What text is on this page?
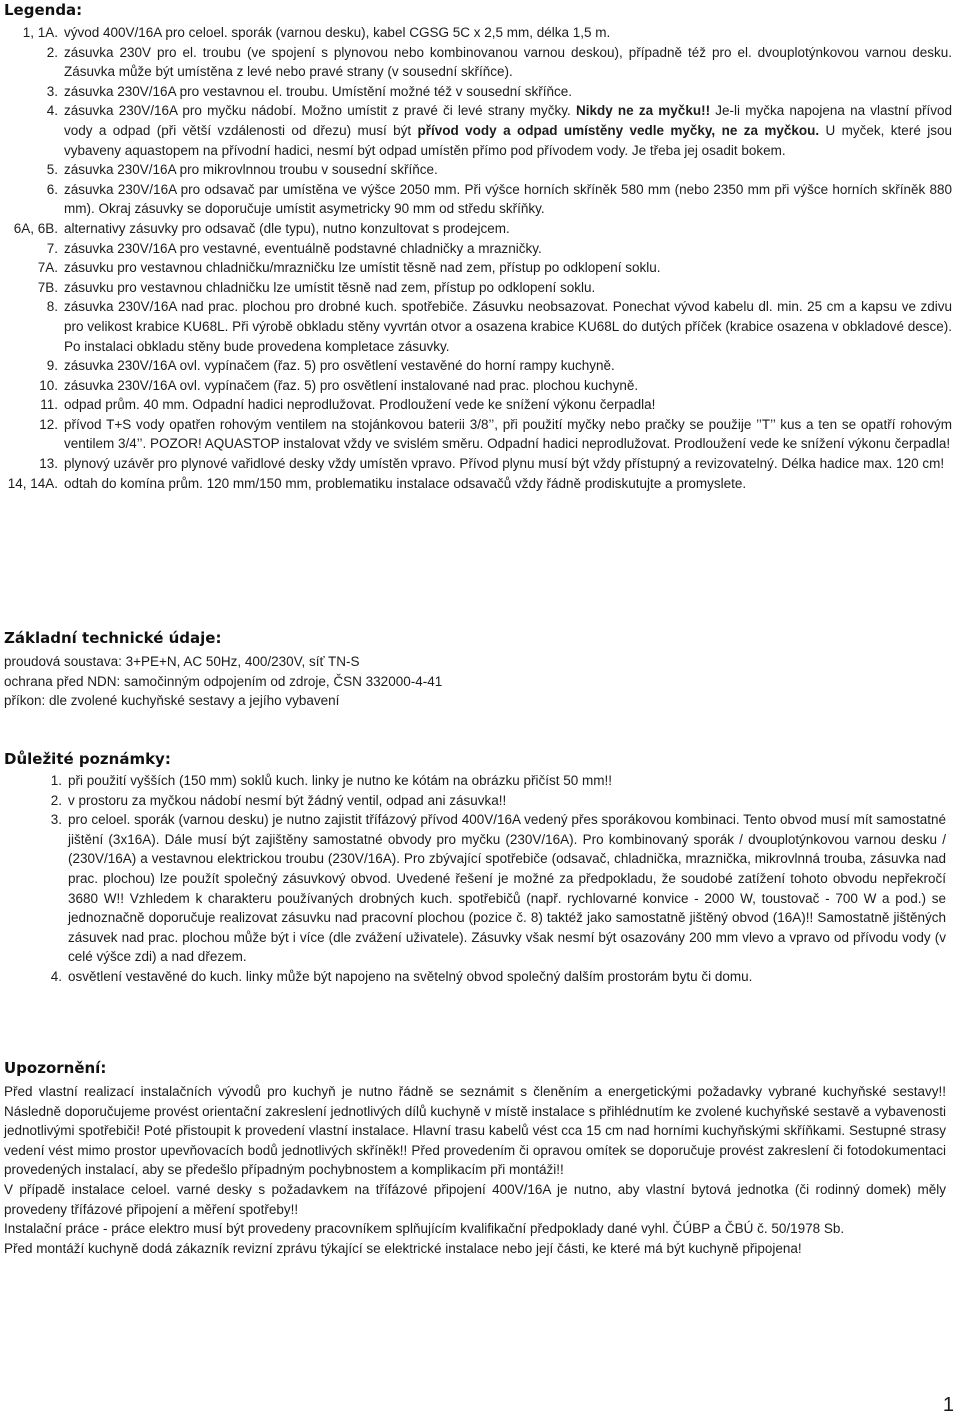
Legenda:
1, 1A. vývod 400V/16A pro celoel. sporák (varnou desku), kabel CGSG 5C x 2,5 mm, délka 1,5 m.
2. zásuvka 230V pro el. troubu (ve spojení s plynovou nebo kombinovanou varnou deskou), případně též pro el. dvouplotýnkovou varnou desku. Zásuvka může být umístěna z levé nebo pravé strany (v sousední skříňce).
3. zásuvka 230V/16A pro vestavnou el. troubu. Umístění možné též v sousední skříňce.
4. zásuvka 230V/16A pro myčku nádobí. Možno umístit z pravé či levé strany myčky. Nikdy ne za myčku!! Je-li myčka napojena na vlastní přívod vody a odpad (při větší vzdálenosti od dřezu) musí být přívod vody a odpad umístěny vedle myčky, ne za myčkou. U myček, které jsou vybaveny aquastopem na přívodní hadici, nesmí být odpad umístěn přímo pod přívodem vody. Je třeba jej osadit bokem.
5. zásuvka 230V/16A pro mikrovlnnou troubu v sousední skříňce.
6. zásuvka 230V/16A pro odsavač par umístěna ve výšce 2050 mm. Při výšce horních skříněk 580 mm (nebo 2350 mm při výšce horních skříněk 880 mm). Okraj zásuvky se doporučuje umístit asymetricky 90 mm od středu skříňky.
6A, 6B. alternativy zásuvky pro odsavač (dle typu), nutno konzultovat s prodejcem.
7. zásuvka 230V/16A pro vestavné, eventuálně podstavné chladničky a mrazničky.
7A. zásuvku pro vestavnou chladničku/mrazničku lze umístit těsně nad zem, přístup po odklopení soklu.
7B. zásuvku pro vestavnou chladničku lze umístit těsně nad zem, přístup po odklopení soklu.
8. zásuvka 230V/16A nad prac. plochou pro drobné kuch. spotřebiče. Zásuvku neobsazovat. Ponechat vývod kabelu dl. min. 25 cm a kapsu ve zdivu pro velikost krabice KU68L. Při výrobě obkladu stěny vyvrtán otvor a osazena krabice KU68L do dutých příček (krabice osazena v obkladové desce). Po instalaci obkladu stěny bude provedena kompletace zásuvky.
9. zásuvka 230V/16A ovl. vypínačem (řaz. 5) pro osvětlení vestavěné do horní rampy kuchyně.
10. zásuvka 230V/16A ovl. vypínačem (řaz. 5) pro osvětlení instalované nad prac. plochou kuchyně.
11. odpad prům. 40 mm. Odpadní hadici neprodlužovat. Prodloužení vede ke snížení výkonu čerpadla!
12. přívod T+S vody opatřen rohovým ventilem na stojánkovou baterii 3/8’’, při použití myčky nebo pračky se použije ’’T’’ kus a ten se opatří rohovým ventilem 3/4’’. POZOR! AQUASTOP instalovat vždy ve svislém směru. Odpadní hadici neprodlužovat. Prodloužení vede ke snížení výkonu čerpadla!
13. plynový uzávěr pro plynové vařidlové desky vždy umístěn vpravo. Přívod plynu musí být vždy přístupný a revizovatelný. Délka hadice max. 120 cm!
14, 14A. odtah do komína prům. 120 mm/150 mm, problematiku instalace odsavačů vždy řádně prodiskutujte a promyslete.
Základní technické údaje:

proudová soustava: 3+PE+N, AC 50Hz, 400/230V, síť TN-S

ochrana před NDN: samočinným odpojením od zdroje, ČSN 332000-4-41

příkon: dle zvolené kuchyňské sestavy a jejího vybavení

Důležité poznámky:
1. při použití vyšších (150 mm) soklů kuch. linky je nutno ke kótám na obrázku přičíst 50 mm!!
2. v prostoru za myčkou nádobí nesmí být žádný ventil, odpad ani zásuvka!!
3. pro celoel. sporák (varnou desku) je nutno zajistit třífázový přívod 400V/16A vedený přes sporákovou kombinaci. Tento obvod musí mít samostatné jištění (3x16A). Dále musí být zajištěny samostatné obvody pro myčku (230V/16A). Pro kombinovaný sporák / dvouplotýnkovou varnou desku / (230V/16A) a vestavnou elektrickou troubu (230V/16A). Pro zbývající spotřebiče (odsavač, chladnička, mraznička, mikrovlnná trouba, zásuvka nad prac. plochou) lze použít společný zásuvkový obvod. Uvedené řešení je možné za předpokladu, že soudobé zatížení tohoto obvodu nepřekročí 3680 W!! Vzhledem k charakteru používaných drobných kuch. spotřebičů (např. rychlovarné konvice - 2000 W, toustovač - 700 W a pod.) se jednoznačně doporučuje realizovat zásuvku nad pracovní plochou (pozice č. 8) taktéž jako samostatně jištěný obvod (16A)!! Samostatně jištěných zásuvek nad prac. plochou může být i více (dle zvážení uživatele). Zásuvky však nesmí být osazovány 200 mm vlevo a vpravo od přívodu vody (v celé výšce zdi) a nad dřezem.
4. osvětlení vestavěné do kuch. linky může být napojeno na světelný obvod společný dalším prostorám bytu či domu.
Upozornění:

Před vlastní realizací instalačních vývodů pro kuchyň je nutno řádně se seznámit s členěním a energetickými požadavky vybrané kuchyňské sestavy!! Následně doporučujeme provést orientační zakreslení jednotlivých dílů kuchyně v místě instalace s přihlédnutím ke zvolené kuchyňské sestavě a vybavenosti jednotlivými spotřebiči! Poté přistoupit k provedení vlastní instalace. Hlavní trasu kabelů vést cca 15 cm nad horními kuchyňskými skříňkami. Sestupné strasy vedení vést mimo prostor upevňovacích bodů jednotlivých skříněk!! Před provedením či opravou omítek se doporučuje provést zakreslení či fotodokumentaci provedených instalací, aby se předešlo případným pochybnostem a komplikacím při montáži!!

V případě instalace celoel. varné desky s požadavkem na třífázové připojení 400V/16A je nutno, aby vlastní bytová jednotka (či rodinný domek) měly provedeny třífázové připojení a měření spotřeby!!

Instalační práce - práce elektro musí být provedeny pracovníkem splňujícím kvalifikační předpoklady dané vyhl. ČÚBP a ČBÚ č. 50/1978 Sb.

Před montáží kuchyně dodá zákazník revizní zprávu týkající se elektrické instalace nebo její části, ke které má být kuchyně připojena!

1
